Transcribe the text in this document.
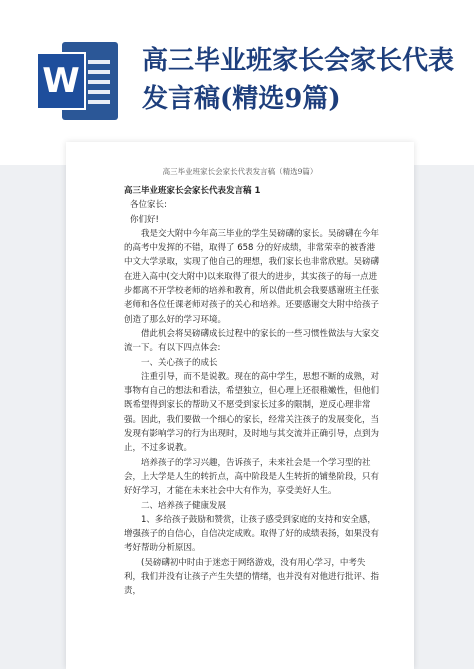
W 高三毕业班家长会家长代表发言稿(精选9篇)
高三毕业班家长会家长代表发言稿（精选9篇）

高三毕业班家长会家长代表发言稿 1

各位家长:

你们好!

我是交大附中今年高三毕业的学生吴磅礴的家长。吴磅礴在今年的高考中发挥的不错，取得了 658 分的好成绩，非常荣幸的被香港中文大学录取，实现了他自己的理想，我们家长也非常欣慰。吴磅礴在进入高中(交大附中)以来取得了很大的进步，其实孩子的每一点进步都离不开学校老师的培养和教育，所以借此机会我要感谢班主任张老师和各位任课老师对孩子的关心和培养。还要感谢交大附中给孩子创造了那么好的学习环境。

借此机会将吴磅礴成长过程中的家长的一些习惯性做法与大家交流一下。有以下四点体会:

一、关心孩子的成长

注重引导，而不是说教。现在的高中学生，思想不断的成熟，对事物有自己的想法和看法，希望独立，但心理上还很稚嫩性，但他们既希望得到家长的帮助又不愿受到家长过多的限制，逆反心理非常强。因此，我们要做一个细心的家长，经常关注孩子的发展变化，当发现有影响学习的行为出现时，及时地与其交流并正确引导，点到为止，不过多说教。

培养孩子的学习兴趣，告诉孩子，未来社会是一个学习型的社会，上大学是人生的转折点，高中阶段是人生转折的铺垫阶段，只有好好学习，才能在未来社会中大有作为，享受美好人生。

二、培养孩子健康发展

1、多给孩子鼓励和赞赏，让孩子感受到家庭的支持和安全感，增强孩子的自信心，自信决定成败。取得了好的成绩表扬，如果没有考好帮助分析原因。

(吴磅礴初中时由于迷恋于网络游戏，没有用心学习，中考失利，我们并没有让孩子产生失望的情绪，也并没有对他进行批评、指责，
